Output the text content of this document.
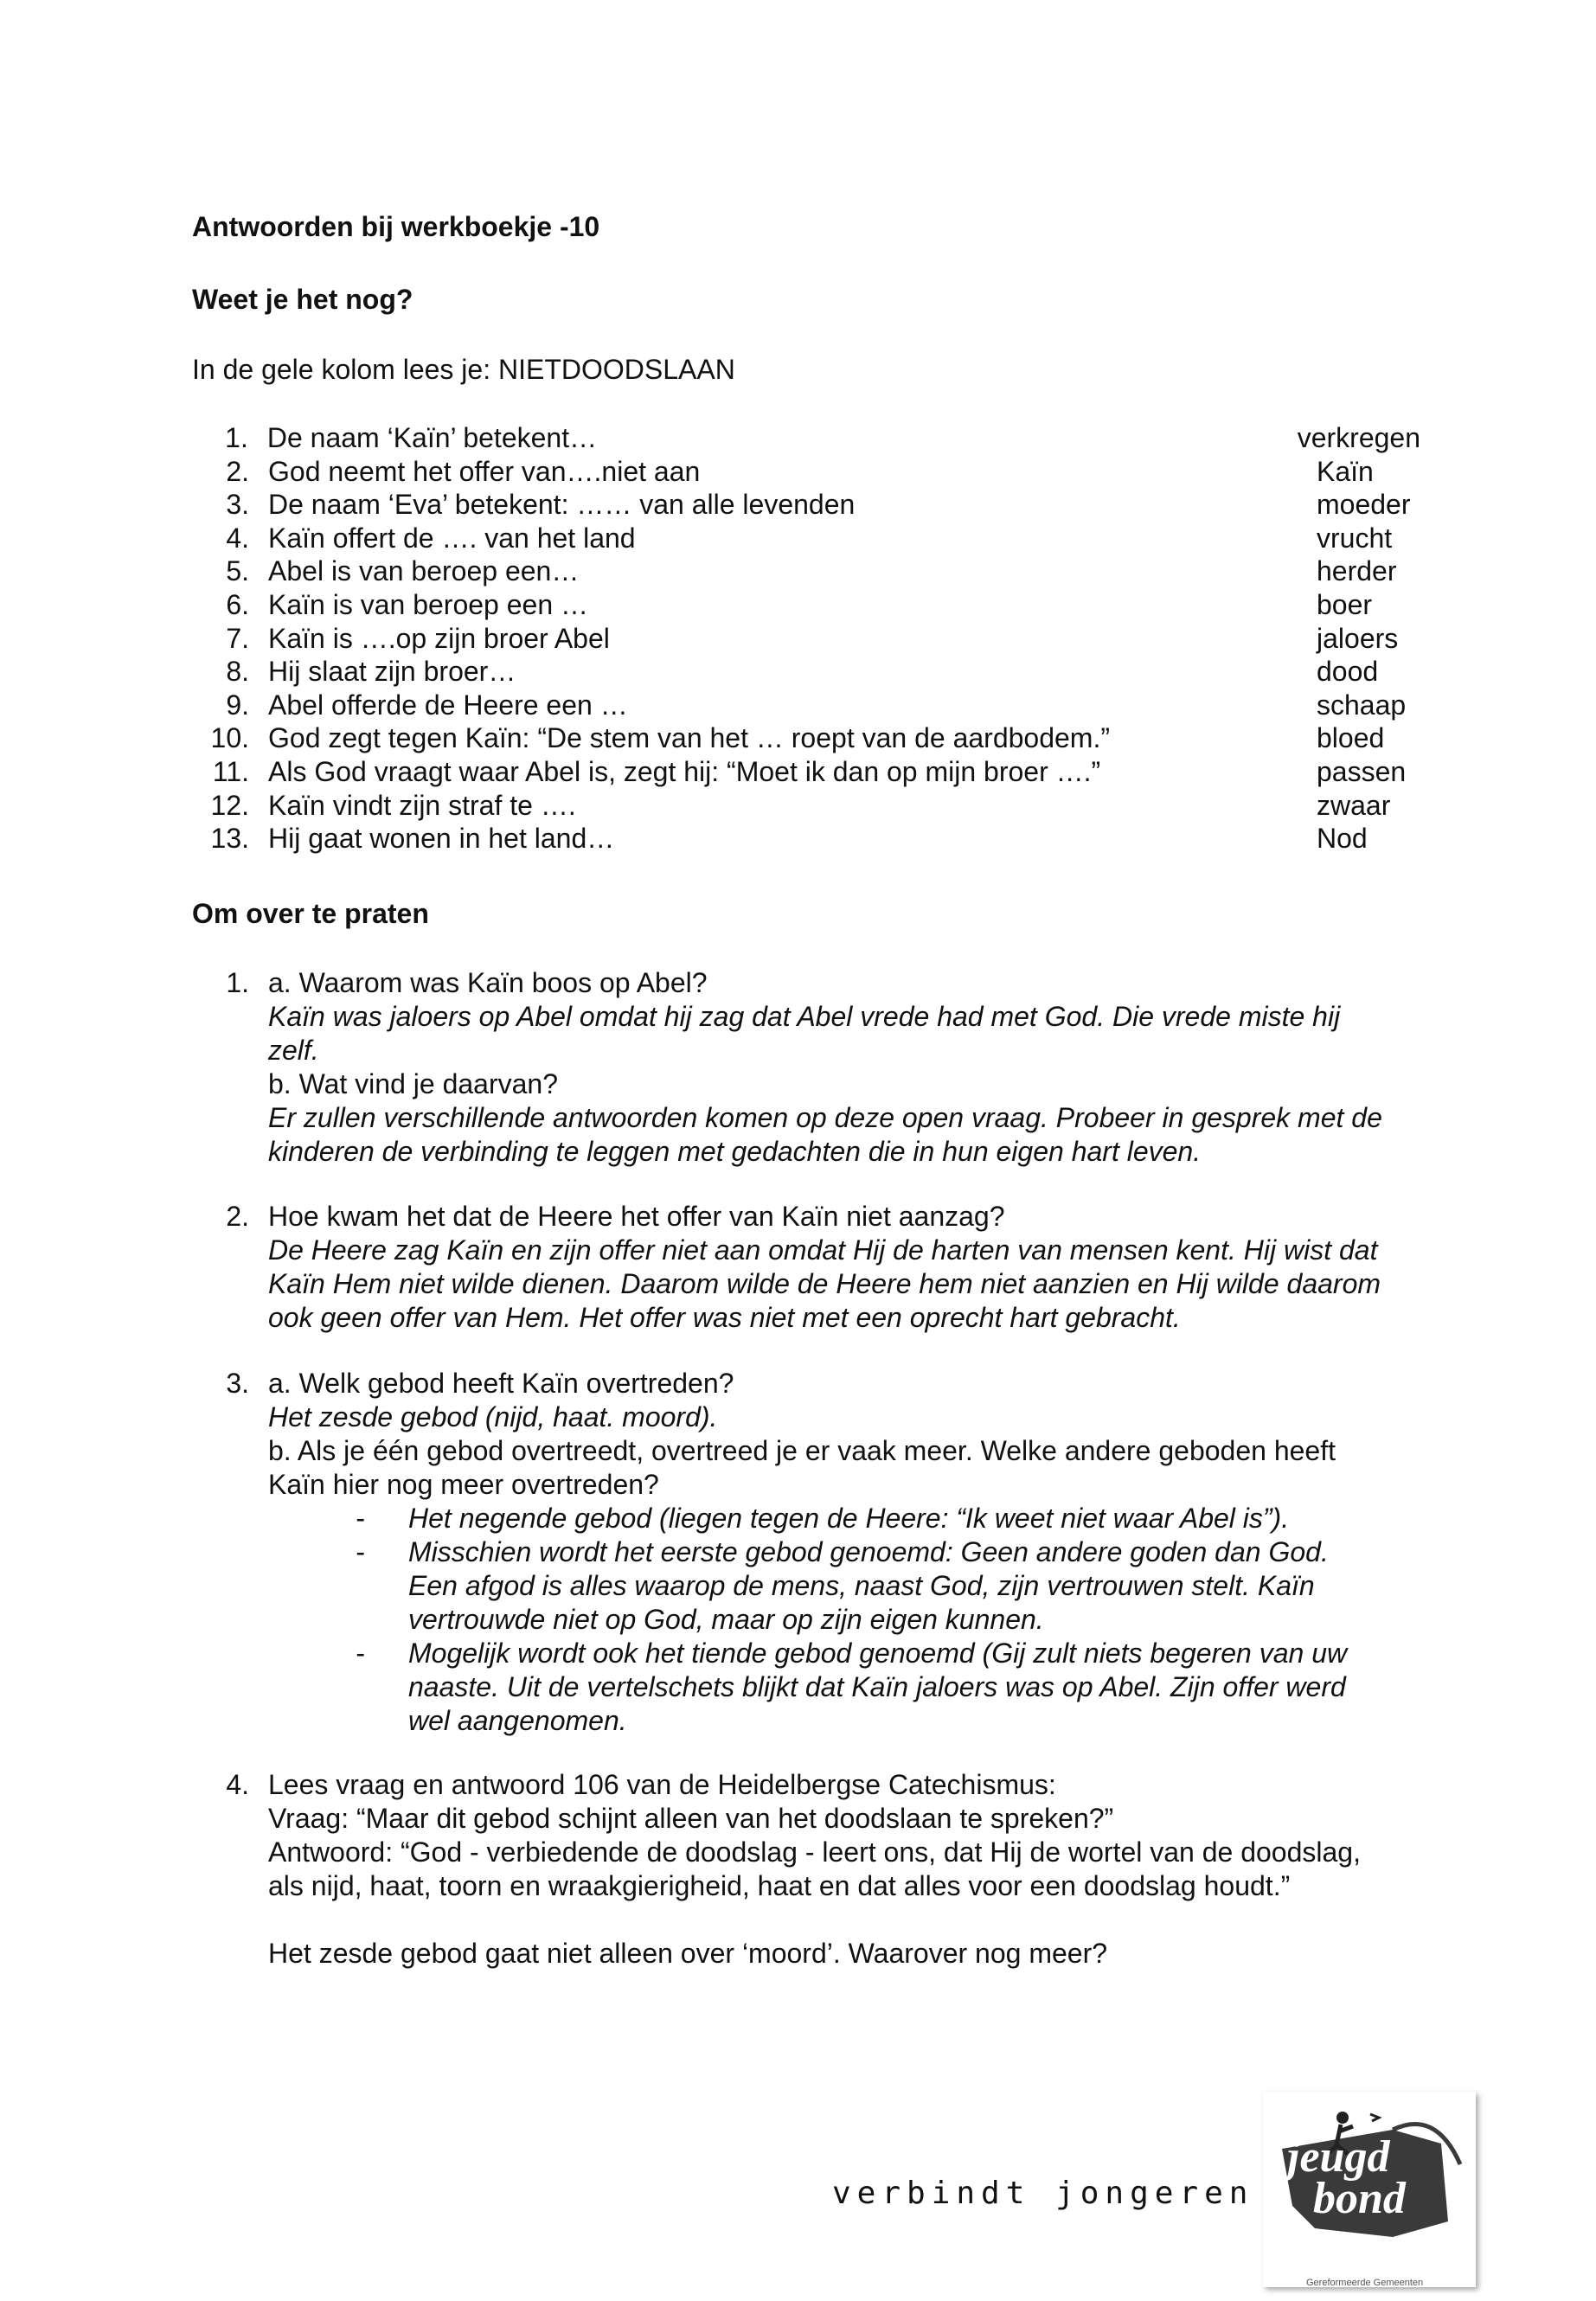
Antwoorden bij werkboekje -10
Weet je het nog?
In de gele kolom lees je: NIETDOODSLAAN
1. De naam ‘Kaïn’ betekent…	verkregen
2. God neemt het offer van….niet aan	Kaïn
3. De naam ‘Eva’ betekent: …… van alle levenden	moeder
4. Kaïn offert de …. van het land	vrucht
5. Abel is van beroep een…	herder
6. Kaïn is van beroep een …	boer
7. Kaïn is ….op zijn broer Abel	jaloers
8. Hij slaat zijn broer…	dood
9. Abel offerde de Heere een …	schaap
10. God zegt tegen Kaïn: “De stem van het … roept van de aardbodem.”	bloed
11. Als God vraagt waar Abel is, zegt hij: “Moet ik dan op mijn broer ….”	passen
12. Kaïn vindt zijn straf te ….	zwaar
13. Hij gaat wonen in het land…	Nod
Om over te praten
1. a. Waarom was Kaïn boos op Abel?
Kaïn was jaloers op Abel omdat hij zag dat Abel vrede had met God. Die vrede miste hij zelf.
b. Wat vind je daarvan?
Er zullen verschillende antwoorden komen op deze open vraag. Probeer in gesprek met de kinderen de verbinding te leggen met gedachten die in hun eigen hart leven.
2. Hoe kwam het dat de Heere het offer van Kaïn niet aanzag?
De Heere zag Kaïn en zijn offer niet aan omdat Hij de harten van mensen kent. Hij wist dat Kaïn Hem niet wilde dienen. Daarom wilde de Heere hem niet aanzien en Hij wilde daarom ook geen offer van Hem. Het offer was niet met een oprecht hart gebracht.
3. a. Welk gebod heeft Kaïn overtreden?
Het zesde gebod (nijd, haat. moord).
b. Als je één gebod overtreedt, overtreed je er vaak meer. Welke andere geboden heeft Kaïn hier nog meer overtreden?
-	Het negende gebod (liegen tegen de Heere: “Ik weet niet waar Abel is”).
-	Misschien wordt het eerste gebod genoemd: Geen andere goden dan God. Een afgod is alles waarop de mens, naast God, zijn vertrouwen stelt. Kaïn vertrouwde niet op God, maar op zijn eigen kunnen.
-	Mogelijk wordt ook het tiende gebod genoemd (Gij zult niets begeren van uw naaste. Uit de vertelschets blijkt dat Kaïn jaloers was op Abel. Zijn offer werd wel aangenomen.
4. Lees vraag en antwoord 106 van de Heidelbergse Catechismus:
Vraag: “Maar dit gebod schijnt alleen van het doodslaan te spreken?”
Antwoord: “God - verbiedende de doodslag - leert ons, dat Hij de wortel van de doodslag, als nijd, haat, toorn en wraakgierigheid, haat en dat alles voor een doodslag houdt.”
Het zesde gebod gaat niet alleen over ‘moord’. Waarover nog meer?
verbindt jongeren
jeugd
bond
Gereformeerde Gemeenten
